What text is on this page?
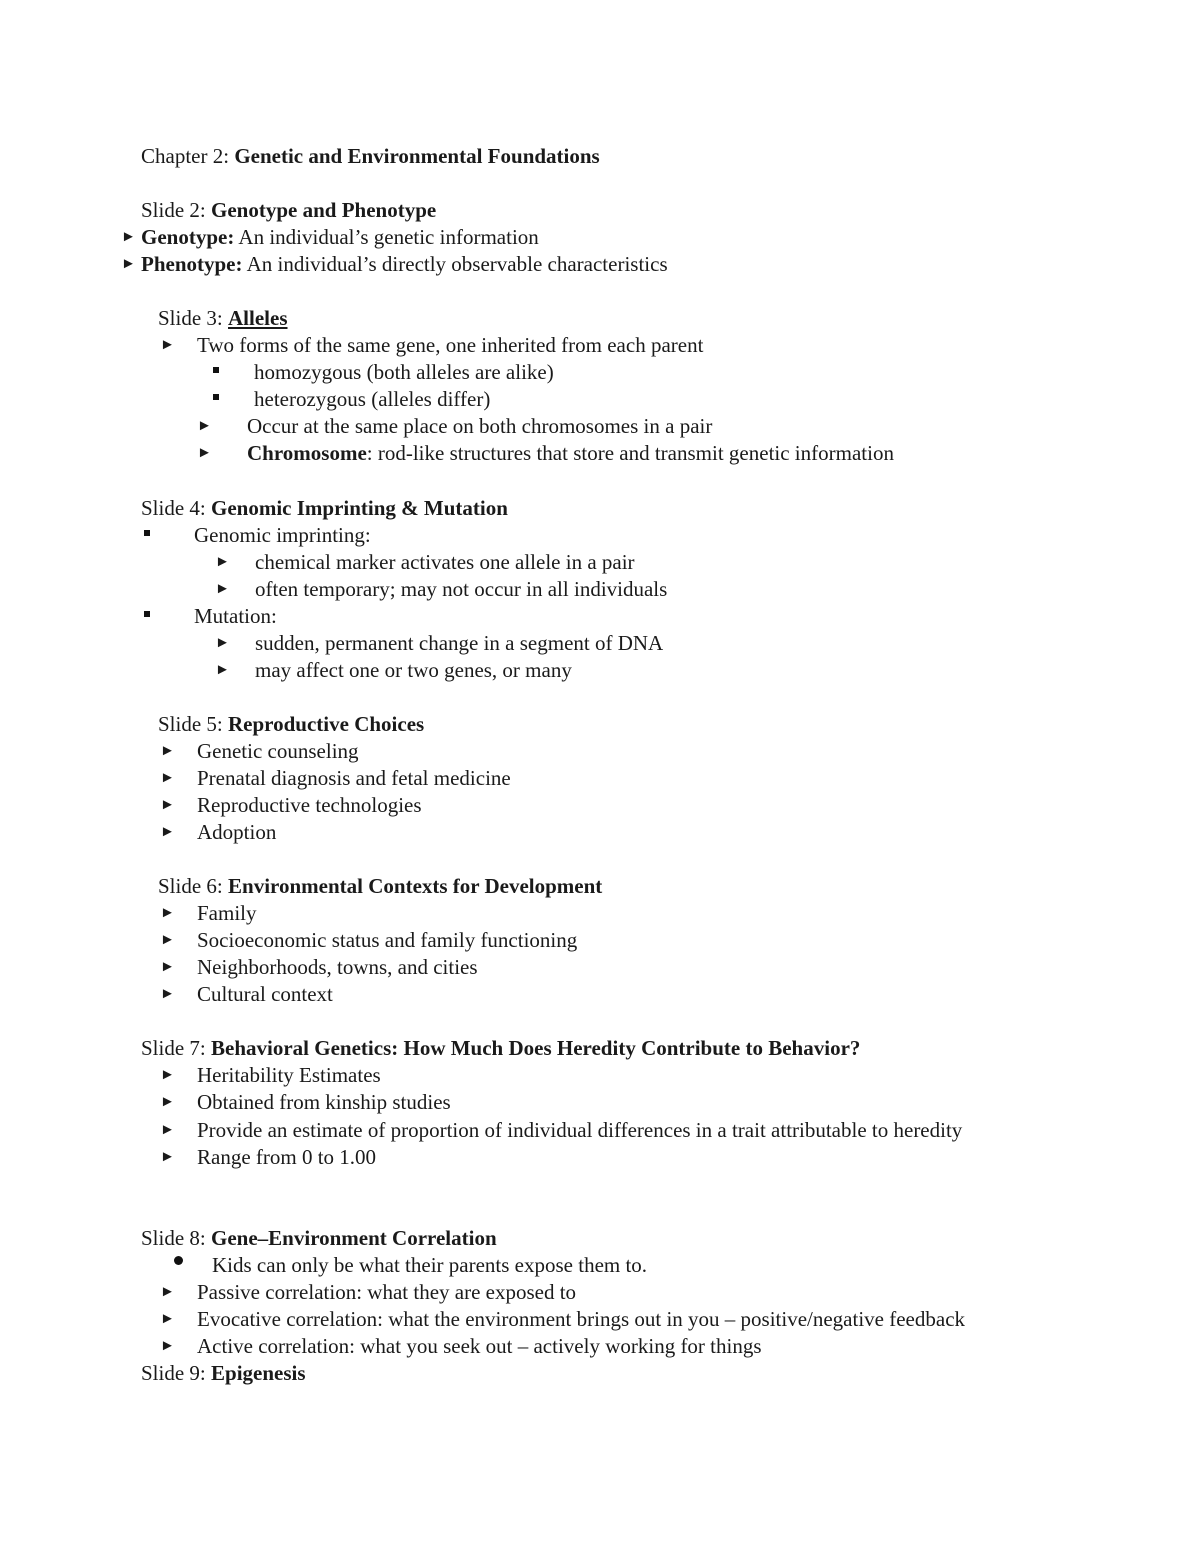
Chapter 2: Genetic and Environmental Foundations
Slide 2: Genotype and Phenotype
► Genotype: An individual’s genetic information
► Phenotype: An individual’s directly observable characteristics
Slide 3: Alleles
► Two forms of the same gene, one inherited from each parent
homozygous (both alleles are alike)
heterozygous (alleles differ)
► Occur at the same place on both chromosomes in a pair
► Chromosome: rod-like structures that store and transmit genetic information
Slide 4: Genomic Imprinting & Mutation
Genomic imprinting:
► chemical marker activates one allele in a pair
► often temporary; may not occur in all individuals
Mutation:
► sudden, permanent change in a segment of DNA
► may affect one or two genes, or many
Slide 5: Reproductive Choices
► Genetic counseling
► Prenatal diagnosis and fetal medicine
► Reproductive technologies
► Adoption
Slide 6: Environmental Contexts for Development
► Family
► Socioeconomic status and family functioning
► Neighborhoods, towns, and cities
► Cultural context
Slide 7: Behavioral Genetics: How Much Does Heredity Contribute to Behavior?
► Heritability Estimates
► Obtained from kinship studies
► Provide an estimate of proportion of individual differences in a trait attributable to heredity
► Range from 0 to 1.00
Slide 8: Gene–Environment Correlation
Kids can only be what their parents expose them to.
► Passive correlation: what they are exposed to
► Evocative correlation: what the environment brings out in you – positive/negative feedback
► Active correlation: what you seek out – actively working for things
Slide 9: Epigenesis
